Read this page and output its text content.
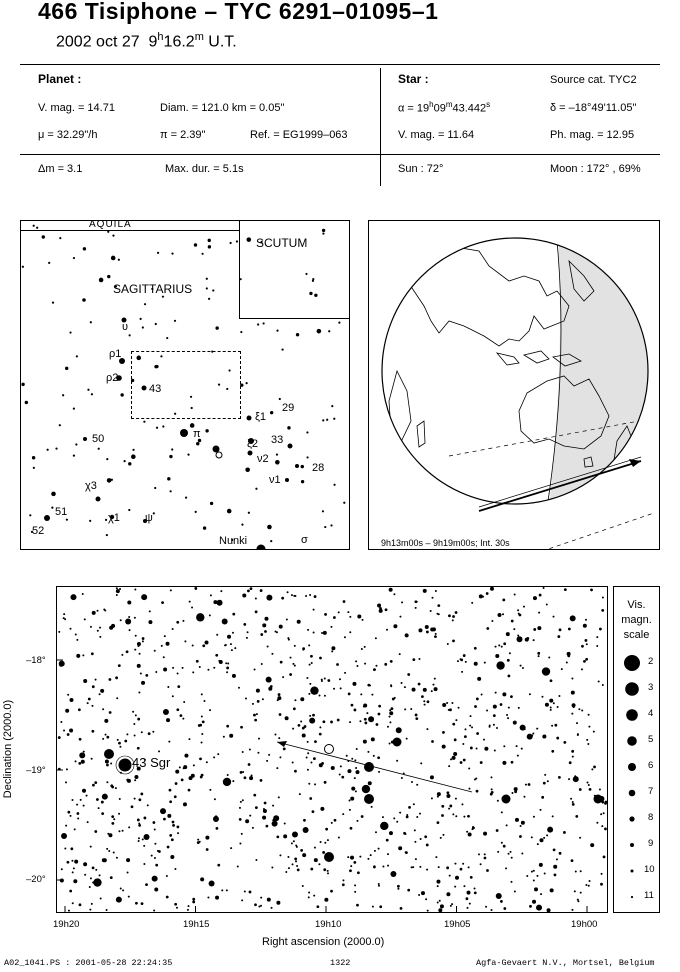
466 Tisiphone – TYC 6291–01095–1
2002 oct 27 9$^h$16.2$^m$ U.T.
Planet :
V. mag. = 14.71	Diam. = 121.0 km = 0.05"
μ = 32.29"/h	π = 2.39"	Ref. = EG1999–063
Star :	Source cat. TYC2
$\alpha = 19^h09^m43.442^s$	δ = –18°49'11.05"
V. mag. = 11.64	Ph. mag. = 12.95
Δm = 3.1	Max. dur. = 5.1s	Sun : 72°	Moon : 172° , 69%
AQUILA
SCUTUM
SAGITTARIUS
υ
ρ1
ρ2
43
π
ξ1
29
ξ2 33
50
ν2
28
ν1
χ3
51	χ1 ψ
52
Nunki	σ	9h13m00s – 9h19m00s; Int. 30s
43 Sgr
–18°
–19°
–20°
19h20	19h15	19h10	19h05	19h00
Right ascension (2000.0)
Declination (2000.0)
Vis.
magn.
scale
2
3
4
5
6
7
8
9
10
11
A02_1041.PS : 2001-05-28 22:24:35	1322	Agfa-Gevaert N.V., Mortsel, Belgium
